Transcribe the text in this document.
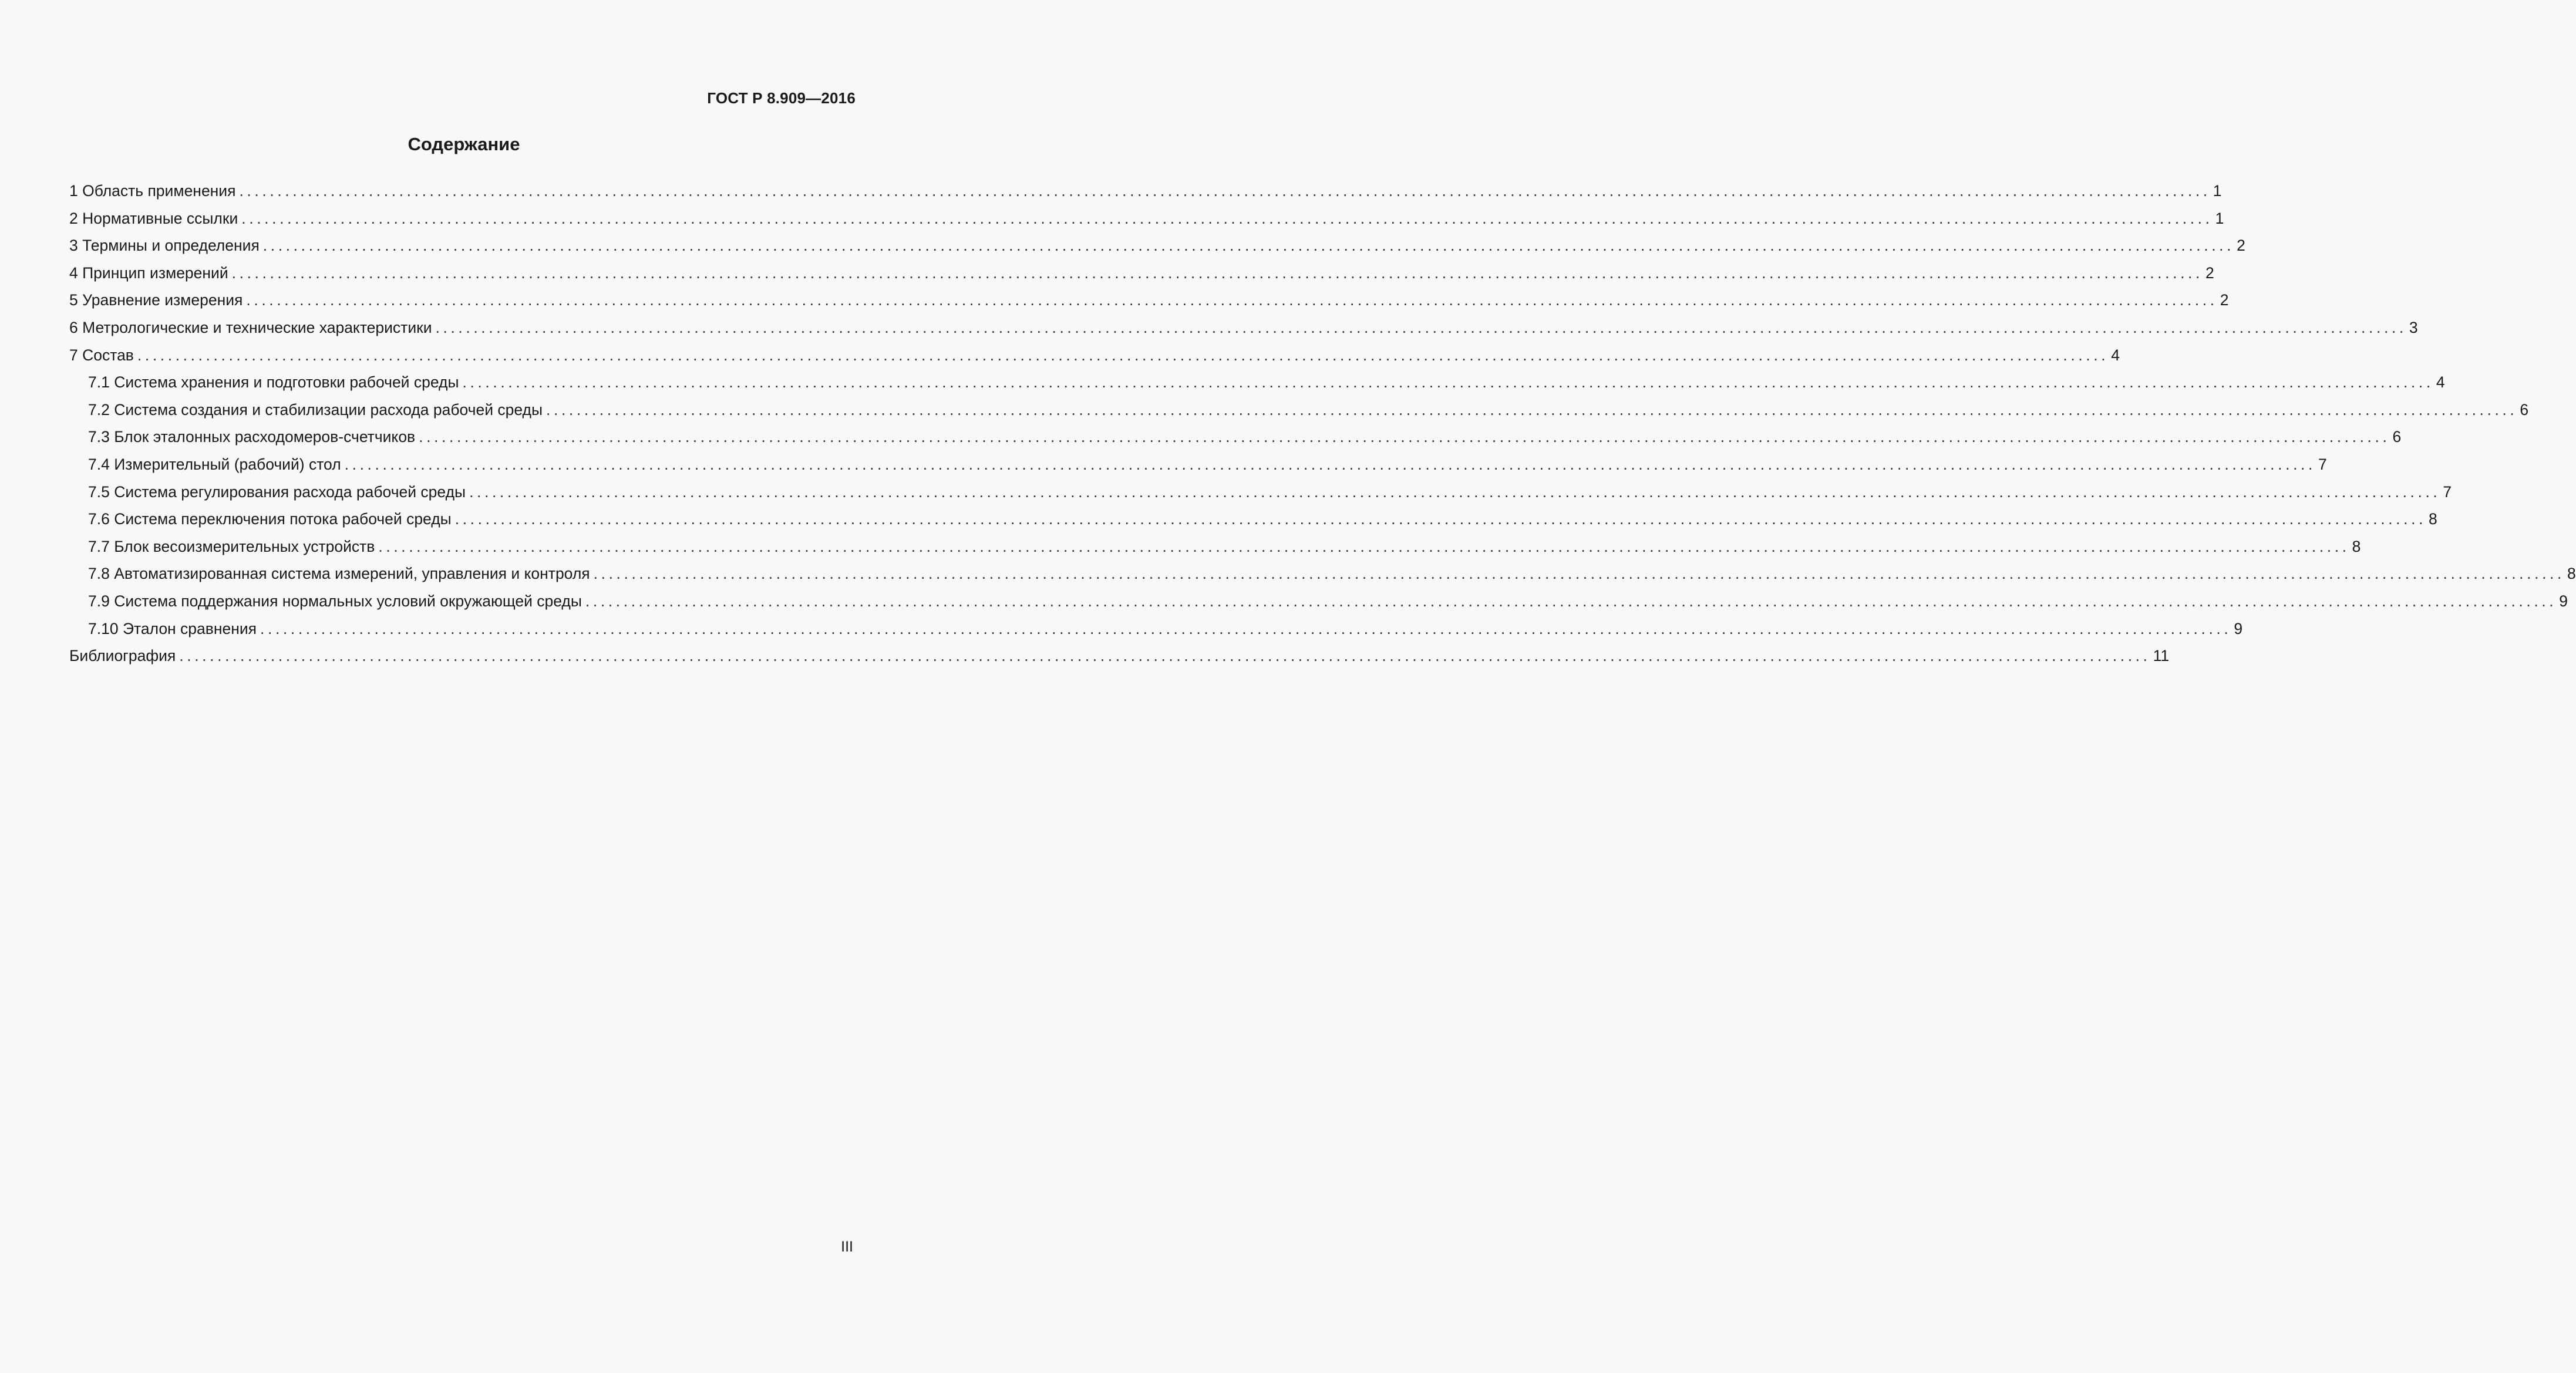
ГОСТ Р 8.909—2016
Содержание
1 Область применения ................................................................................................................................................................................................................................................................... 1
2 Нормативные ссылки ................................................................................................................................................................................................................................................................... 1
3 Термины и определения ................................................................................................................................................................................................................................................................... 2
4 Принцип измерений ................................................................................................................................................................................................................................................................... 2
5 Уравнение измерения ................................................................................................................................................................................................................................................................... 2
6 Метрологические и технические характеристики ................................................................................................................................................................................................................................................................... 3
7 Состав ................................................................................................................................................................................................................................................................... 4
7.1 Система хранения и подготовки рабочей среды ................................................................................................................................................................................................................................................................... 4
7.2 Система создания и стабилизации расхода рабочей среды ................................................................................................................................................................................................................................................................... 6
7.3 Блок эталонных расходомеров-счетчиков ................................................................................................................................................................................................................................................................... 6
7.4 Измерительный (рабочий) стол ................................................................................................................................................................................................................................................................... 7
7.5 Система регулирования расхода рабочей среды ................................................................................................................................................................................................................................................................... 7
7.6 Система переключения потока рабочей среды ................................................................................................................................................................................................................................................................... 8
7.7 Блок весоизмерительных устройств ................................................................................................................................................................................................................................................................... 8
7.8 Автоматизированная система измерений, управления и контроля ................................................................................................................................................................................................................................................................... 8
7.9 Система поддержания нормальных условий окружающей среды ................................................................................................................................................................................................................................................................... 9
7.10 Эталон сравнения ................................................................................................................................................................................................................................................................... 9
Библиография ................................................................................................................................................................................................................................................................... 11
III
